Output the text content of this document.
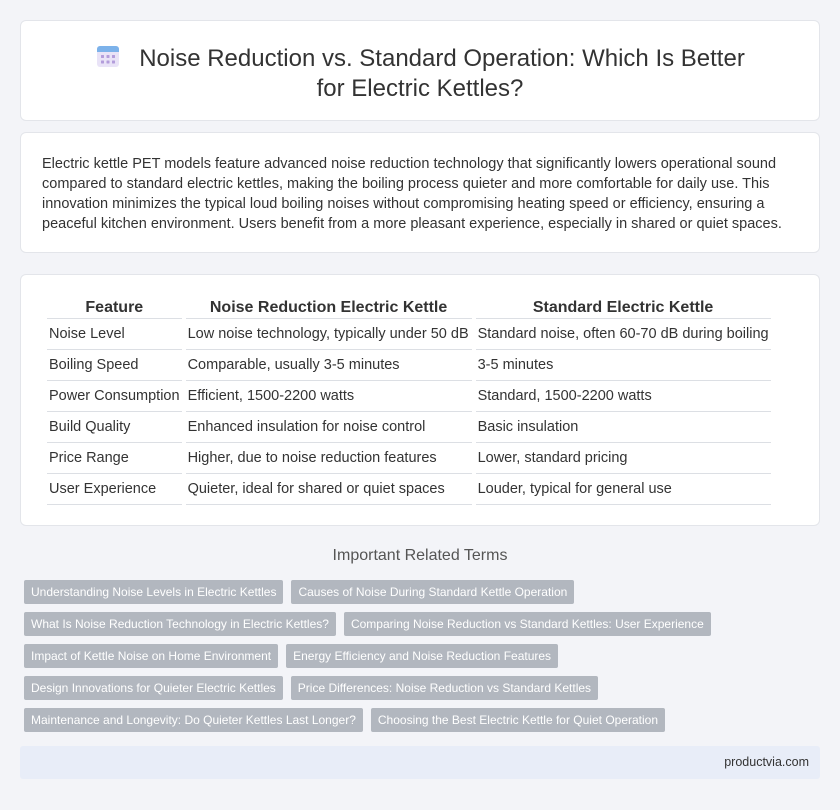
Noise Reduction vs. Standard Operation: Which Is Better for Electric Kettles?

Electric kettle PET models feature advanced noise reduction technology that significantly lowers operational sound compared to standard electric kettles, making the boiling process quieter and more comfortable for daily use. This innovation minimizes the typical loud boiling noises without compromising heating speed or efficiency, ensuring a peaceful kitchen environment. Users benefit from a more pleasant experience, especially in shared or quiet spaces.

Feature	Noise Reduction Electric Kettle	Standard Electric Kettle
Noise Level	Low noise technology, typically under 50 dB	Standard noise, often 60-70 dB during boiling
Boiling Speed	Comparable, usually 3-5 minutes	3-5 minutes
Power Consumption	Efficient, 1500-2200 watts	Standard, 1500-2200 watts
Build Quality	Enhanced insulation for noise control	Basic insulation
Price Range	Higher, due to noise reduction features	Lower, standard pricing
User Experience	Quieter, ideal for shared or quiet spaces	Louder, typical for general use
Important Related Terms
Understanding Noise Levels in Electric Kettles	Causes of Noise During Standard Kettle Operation
What Is Noise Reduction Technology in Electric Kettles?	Comparing Noise Reduction vs Standard Kettles: User Experience
Impact of Kettle Noise on Home Environment	Energy Efficiency and Noise Reduction Features
Design Innovations for Quieter Electric Kettles	Price Differences: Noise Reduction vs Standard Kettles
Maintenance and Longevity: Do Quieter Kettles Last Longer?	Choosing the Best Electric Kettle for Quiet Operation
productvia.com
